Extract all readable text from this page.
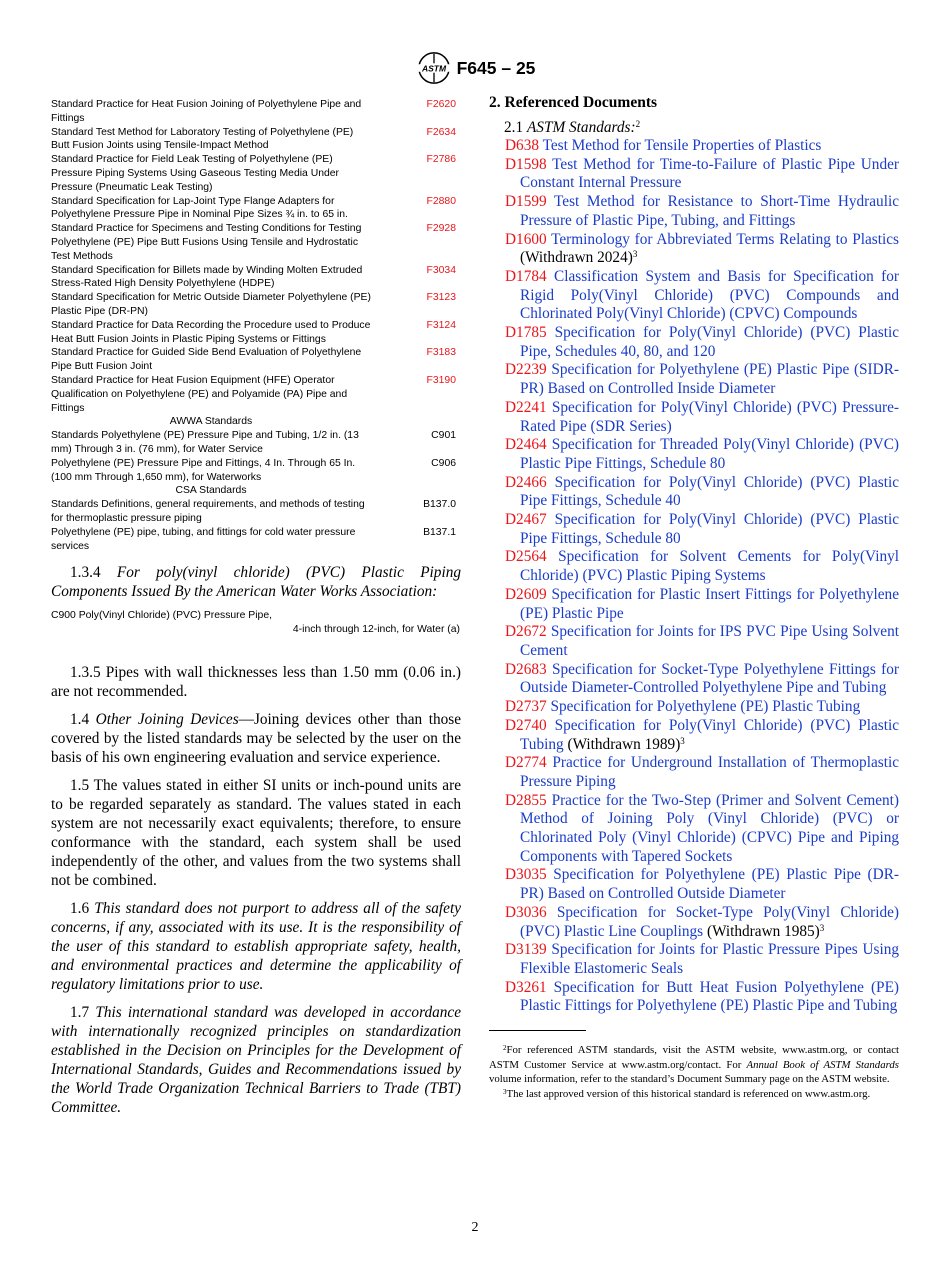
ASTM F645 – 25
Standard Practice for Heat Fusion Joining of Polyethylene Pipe and Fittings
F2620
Standard Test Method for Laboratory Testing of Polyethylene (PE) Butt Fusion Joints using Tensile-Impact Method
F2634
Standard Practice for Field Leak Testing of Polyethylene (PE) Pressure Piping Systems Using Gaseous Testing Media Under Pressure (Pneumatic Leak Testing)
F2786
Standard Specification for Lap-Joint Type Flange Adapters for Polyethylene Pressure Pipe in Nominal Pipe Sizes ¾ in. to 65 in.
F2880
Standard Practice for Specimens and Testing Conditions for Testing Polyethylene (PE) Pipe Butt Fusions Using Tensile and Hydrostatic Test Methods
F2928
Standard Specification for Billets made by Winding Molten Extruded Stress-Rated High Density Polyethylene (HDPE)
F3034
Standard Specification for Metric Outside Diameter Polyethylene (PE) Plastic Pipe (DR-PN)
F3123
Standard Practice for Data Recording the Procedure used to Produce Heat Butt Fusion Joints in Plastic Piping Systems or Fittings
F3124
Standard Practice for Guided Side Bend Evaluation of Polyethylene Pipe Butt Fusion Joint
F3183
Standard Practice for Heat Fusion Equipment (HFE) Operator Qualification on Polyethylene (PE) and Polyamide (PA) Pipe and Fittings
F3190
AWWA Standards
Standards Polyethylene (PE) Pressure Pipe and Tubing, 1/2 in. (13 mm) Through 3 in. (76 mm), for Water Service
C901
Polyethylene (PE) Pressure Pipe and Fittings, 4 In. Through 65 In. (100 mm Through 1,650 mm), for Waterworks
C906
CSA Standards
Standards Definitions, general requirements, and methods of testing for thermoplastic pressure piping
B137.0
Polyethylene (PE) pipe, tubing, and fittings for cold water pressure services
B137.1

1.3.4 For poly(vinyl chloride) (PVC) Plastic Piping Components Issued By the American Water Works Association:

C900 Poly(Vinyl Chloride) (PVC) Pressure Pipe,
4-inch through 12-inch, for Water (a)

1.3.5 Pipes with wall thicknesses less than 1.50 mm (0.06 in.) are not recommended.

1.4 Other Joining Devices—Joining devices other than those covered by the listed standards may be selected by the user on the basis of his own engineering evaluation and service experience.

1.5 The values stated in either SI units or inch-pound units are to be regarded separately as standard. The values stated in each system are not necessarily exact equivalents; therefore, to ensure conformance with the standard, each system shall be used independently of the other, and values from the two systems shall not be combined.

1.6 This standard does not purport to address all of the safety concerns, if any, associated with its use. It is the responsibility of the user of this standard to establish appropriate safety, health, and environmental practices and determine the applicability of regulatory limitations prior to use.

1.7 This international standard was developed in accordance with internationally recognized principles on standardization established in the Decision on Principles for the Development of International Standards, Guides and Recommendations issued by the World Trade Organization Technical Barriers to Trade (TBT) Committee.

2. Referenced Documents
2.1 ASTM Standards:$^2$
D638 Test Method for Tensile Properties of Plastics
D1598 Test Method for Time-to-Failure of Plastic Pipe Under Constant Internal Pressure
D1599 Test Method for Resistance to Short-Time Hydraulic Pressure of Plastic Pipe, Tubing, and Fittings
D1600 Terminology for Abbreviated Terms Relating to Plastics (Withdrawn 2024)$^3$
D1784 Classification System and Basis for Specification for Rigid Poly(Vinyl Chloride) (PVC) Compounds and Chlorinated Poly(Vinyl Chloride) (CPVC) Compounds
D1785 Specification for Poly(Vinyl Chloride) (PVC) Plastic Pipe, Schedules 40, 80, and 120
D2239 Specification for Polyethylene (PE) Plastic Pipe (SIDR-PR) Based on Controlled Inside Diameter
D2241 Specification for Poly(Vinyl Chloride) (PVC) Pressure-Rated Pipe (SDR Series)
D2464 Specification for Threaded Poly(Vinyl Chloride) (PVC) Plastic Pipe Fittings, Schedule 80
D2466 Specification for Poly(Vinyl Chloride) (PVC) Plastic Pipe Fittings, Schedule 40
D2467 Specification for Poly(Vinyl Chloride) (PVC) Plastic Pipe Fittings, Schedule 80
D2564 Specification for Solvent Cements for Poly(Vinyl Chloride) (PVC) Plastic Piping Systems
D2609 Specification for Plastic Insert Fittings for Polyethylene (PE) Plastic Pipe
D2672 Specification for Joints for IPS PVC Pipe Using Solvent Cement
D2683 Specification for Socket-Type Polyethylene Fittings for Outside Diameter-Controlled Polyethylene Pipe and Tubing
D2737 Specification for Polyethylene (PE) Plastic Tubing
D2740 Specification for Poly(Vinyl Chloride) (PVC) Plastic Tubing (Withdrawn 1989)$^3$
D2774 Practice for Underground Installation of Thermoplastic Pressure Piping
D2855 Practice for the Two-Step (Primer and Solvent Cement) Method of Joining Poly (Vinyl Chloride) (PVC) or Chlorinated Poly (Vinyl Chloride) (CPVC) Pipe and Piping Components with Tapered Sockets
D3035 Specification for Polyethylene (PE) Plastic Pipe (DR-PR) Based on Controlled Outside Diameter
D3036 Specification for Socket-Type Poly(Vinyl Chloride) (PVC) Plastic Line Couplings (Withdrawn 1985)$^3$
D3139 Specification for Joints for Plastic Pressure Pipes Using Flexible Elastomeric Seals
D3261 Specification for Butt Heat Fusion Polyethylene (PE) Plastic Fittings for Polyethylene (PE) Plastic Pipe and Tubing

$^2$For referenced ASTM standards, visit the ASTM website, www.astm.org, or contact ASTM Customer Service at www.astm.org/contact. For Annual Book of ASTM Standards volume information, refer to the standard’s Document Summary page on the ASTM website.

$^3$The last approved version of this historical standard is referenced on www.astm.org.

2
